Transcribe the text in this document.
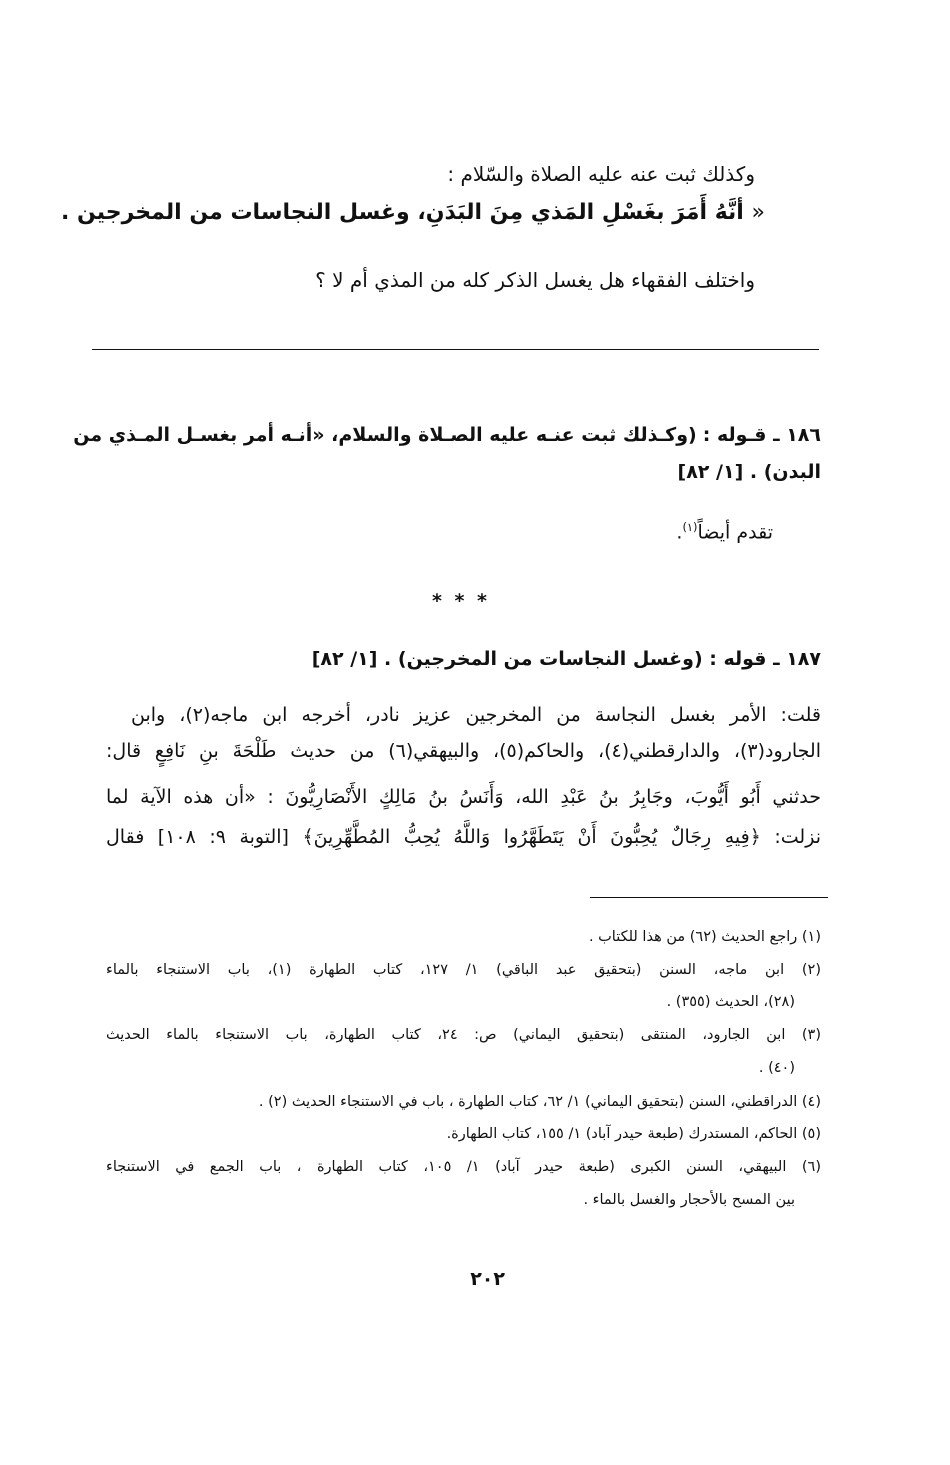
وكذلك ثبت عنه عليه الصلاة والسّلام :
« أنَّهُ أَمَرَ بغَسْلِ المَذي مِنَ البَدَنِ، وغسل النجاسات من المخرجين .
واختلف الفقهاء هل يغسل الذكر كله من المذي أم لا ؟
١٨٦ ـ قـوله : (وكـذلك ثبت عنـه عليه الصـلاة والسلام، «أنـه أمر بغسـل المـذي من
البدن) . [١/ ٨٢]
تقدم أيضاً$^{(١)}$.
* * *
١٨٧ ـ قوله : (وغسل النجاسات من المخرجين) . [١/ ٨٢]
قلت: الأمر بغسل النجاسة من المخرجين عزيز نادر، أخرجه ابن ماجه(٢)، وابن
الجارود(٣)، والدارقطني(٤)، والحاكم(٥)، والبيهقي(٦) من حديث طَلْحَةَ بنِ نَافِعٍ قال:
حدثني أَبُو أَيُّوبَ، وجَابِرُ بنُ عَبْدِ الله، وَأَنَسُ بنُ مَالِكٍ الأَنْصَارِيُّونَ : «أن هذه الآية لما
نزلت: ﴿فِيهِ رِجَالٌ يُحِبُّونَ أَنْ يَتَطَهَّرُوا وَاللَّهُ يُحِبُّ المُطَّهِّرِينَ﴾ [التوبة ٩: ١٠٨] فقال
(١) راجع الحديث (٦٢) من هذا للكتاب .
(٢) ابن ماجه، السنن (بتحقيق عبد الباقي) ١/ ١٢٧، كتاب الطهارة (١)، باب الاستنجاء بالماء
(٢٨)، الحديث (٣٥٥) .
(٣) ابن الجارود، المنتقى (بتحقيق اليماني) ص: ٢٤، كتاب الطهارة، باب الاستنجاء بالماء الحديث
(٤٠) .
(٤) الدراقطني، السنن (بتحقيق اليماني) ١/ ٦٢، كتاب الطهارة ، باب في الاستنجاء الحديث (٢) .
(٥) الحاكم، المستدرك (طبعة حيدر آباد) ١/ ١٥٥، كتاب الطهارة.
(٦) البيهقي، السنن الكبرى (طبعة حيدر آباد) ١/ ١٠٥، كتاب الطهارة ، باب الجمع في الاستنجاء
بين المسح بالأحجار والغسل بالماء .
٢٠٢
